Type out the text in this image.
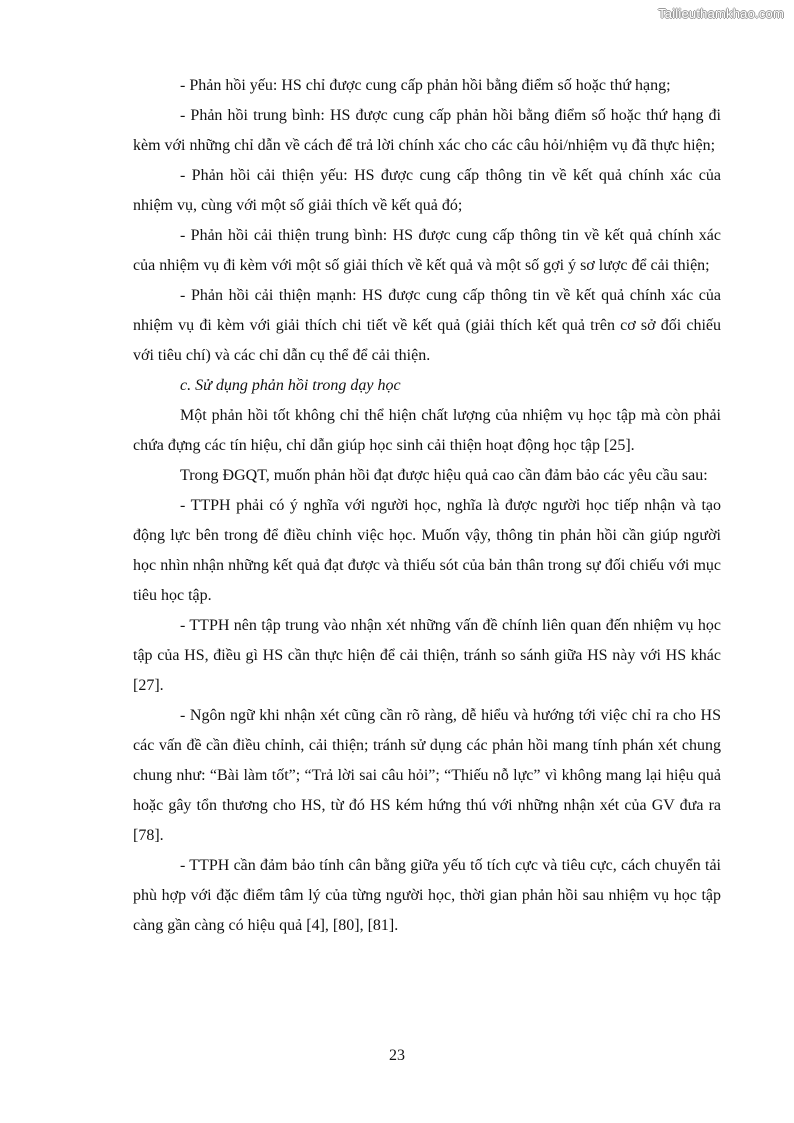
Tailieuthamkhao.com

- Phản hồi yếu: HS chỉ được cung cấp phản hồi bằng điểm số hoặc thứ hạng;

- Phản hồi trung bình: HS được cung cấp phản hồi bằng điểm số hoặc thứ hạng đi kèm với những chỉ dẫn về cách để trả lời chính xác cho các câu hỏi/nhiệm vụ đã thực hiện;

- Phản hồi cải thiện yếu: HS được cung cấp thông tin về kết quả chính xác của nhiệm vụ, cùng với một số giải thích về kết quả đó;

- Phản hồi cải thiện trung bình: HS được cung cấp thông tin về kết quả chính xác của nhiệm vụ đi kèm với một số giải thích về kết quả và một số gợi ý sơ lược để cải thiện;

- Phản hồi cải thiện mạnh: HS được cung cấp thông tin về kết quả chính xác của nhiệm vụ đi kèm với giải thích chi tiết về kết quả (giải thích kết quả trên cơ sở đối chiếu với tiêu chí) và các chỉ dẫn cụ thể để cải thiện.

c. Sử dụng phản hồi trong dạy học

Một phản hồi tốt không chỉ thể hiện chất lượng của nhiệm vụ học tập mà còn phải chứa đựng các tín hiệu, chỉ dẫn giúp học sinh cải thiện hoạt động học tập [25].

Trong ĐGQT, muốn phản hồi đạt được hiệu quả cao cần đảm bảo các yêu cầu sau:

- TTPH phải có ý nghĩa với người học, nghĩa là được người học tiếp nhận và tạo động lực bên trong để điều chỉnh việc học. Muốn vậy, thông tin phản hồi cần giúp người học nhìn nhận những kết quả đạt được và thiếu sót của bản thân trong sự đối chiếu với mục tiêu học tập.

- TTPH nên tập trung vào nhận xét những vấn đề chính liên quan đến nhiệm vụ học tập của HS, điều gì HS cần thực hiện để cải thiện, tránh so sánh giữa HS này với HS khác [27].

- Ngôn ngữ khi nhận xét cũng cần rõ ràng, dễ hiểu và hướng tới việc chỉ ra cho HS các vấn đề cần điều chỉnh, cải thiện; tránh sử dụng các phản hồi mang tính phán xét chung chung như: “Bài làm tốt”; “Trả lời sai câu hỏi”; “Thiếu nỗ lực” vì không mang lại hiệu quả hoặc gây tổn thương cho HS, từ đó HS kém hứng thú với những nhận xét của GV đưa ra [78].

- TTPH cần đảm bảo tính cân bằng giữa yếu tố tích cực và tiêu cực, cách chuyển tải phù hợp với đặc điểm tâm lý của từng người học, thời gian phản hồi sau nhiệm vụ học tập càng gần càng có hiệu quả [4], [80], [81].

23
